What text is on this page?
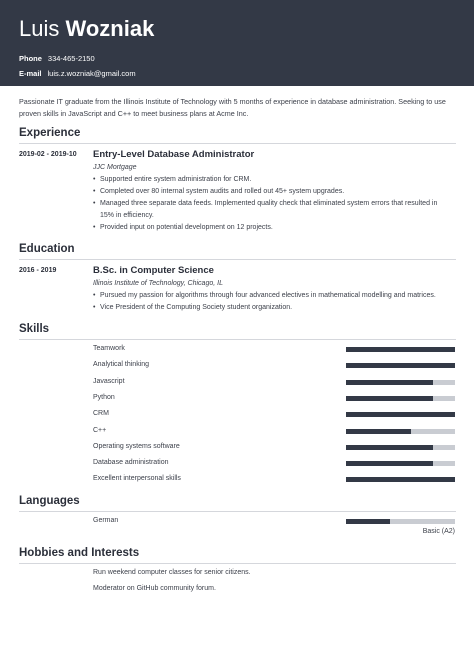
Luis Wozniak
Phone 334-465-2150
E-mail luis.z.wozniak@gmail.com
Passionate IT graduate from the Illinois Institute of Technology with 5 months of experience in database administration. Seeking to use proven skills in JavaScript and C++ to meet business plans at Acme Inc.
Experience
2019-02 - 2019-10 Entry-Level Database Administrator
JJC Mortgage
• Supported entire system administration for CRM.
• Completed over 80 internal system audits and rolled out 45+ system upgrades.
• Managed three separate data feeds. Implemented quality check that eliminated system errors that resulted in 15% in efficiency.
• Provided input on potential development on 12 projects.
Education
2016 - 2019	B.Sc. in Computer Science
Illinois Institute of Technology, Chicago, IL
• Pursued my passion for algorithms through four advanced electives in mathematical modelling and matrices.
• Vice President of the Computing Society student organization.
Skills
Teamwork
Analytical thinking
Javascript
Python
CRM
C++
Operating systems software
Database administration
Excellent interpersonal skills
Languages
German
Basic (A2)
Hobbies and Interests
Run weekend computer classes for senior citizens.
Moderator on GitHub community forum.
